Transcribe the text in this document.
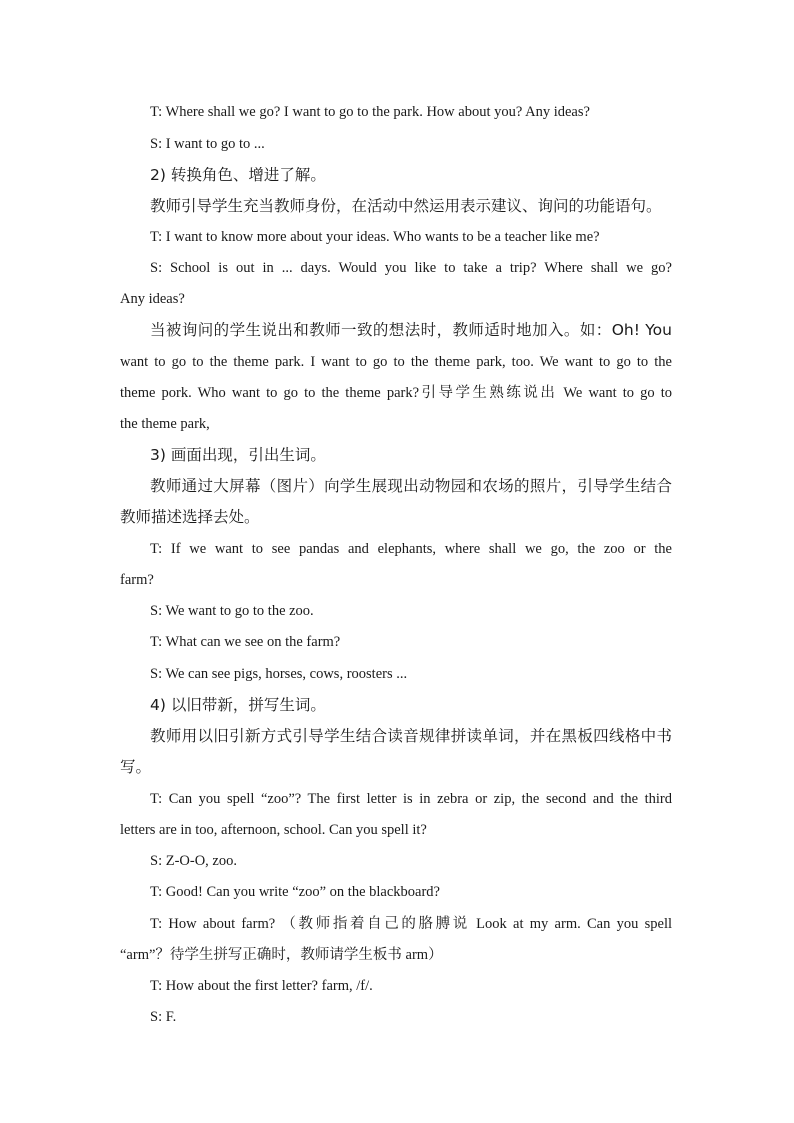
T: Where shall we go? I want to go to the park. How about you? Any ideas?

S: I want to go to ...

2) 转换角色、增进了解。

教师引导学生充当教师身份，在活动中然运用表示建议、询问的功能语句。

T: I want to know more about your ideas. Who wants to be a teacher like me?

S: School is out in ... days. Would you like to take a trip? Where shall we go?

Any ideas?

当被询问的学生说出和教师一致的想法时，教师适时地加入。如：Oh! You

want to go to the theme park. I want to go to the theme park, too. We want to go to the

theme pork. Who want to go to the theme park?引导学生熟练说出 We want to go to

the theme park,

3) 画面出现，引出生词。

教师通过大屏幕（图片）向学生展现出动物园和农场的照片，引导学生结合

教师描述选择去处。

T: If we want to see pandas and elephants, where shall we go, the zoo or the

farm?

S: We want to go to the zoo.

T: What can we see on the farm?

S: We can see pigs, horses, cows, roosters ...

4) 以旧带新，拼写生词。

教师用以旧引新方式引导学生结合读音规律拼读单词，并在黑板四线格中书

写。

T: Can you spell “zoo”? The first letter is in zebra or zip, the second and the third

letters are in too, afternoon, school. Can you spell it?

S: Z-O-O, zoo.

T: Good! Can you write “zoo” on the blackboard?

T: How about farm? （教师指着自己的胳膊说 Look at my arm. Can you spell

“arm”？待学生拼写正确时，教师请学生板书 arm）

T: How about the first letter? farm, /f/.

S: F.
